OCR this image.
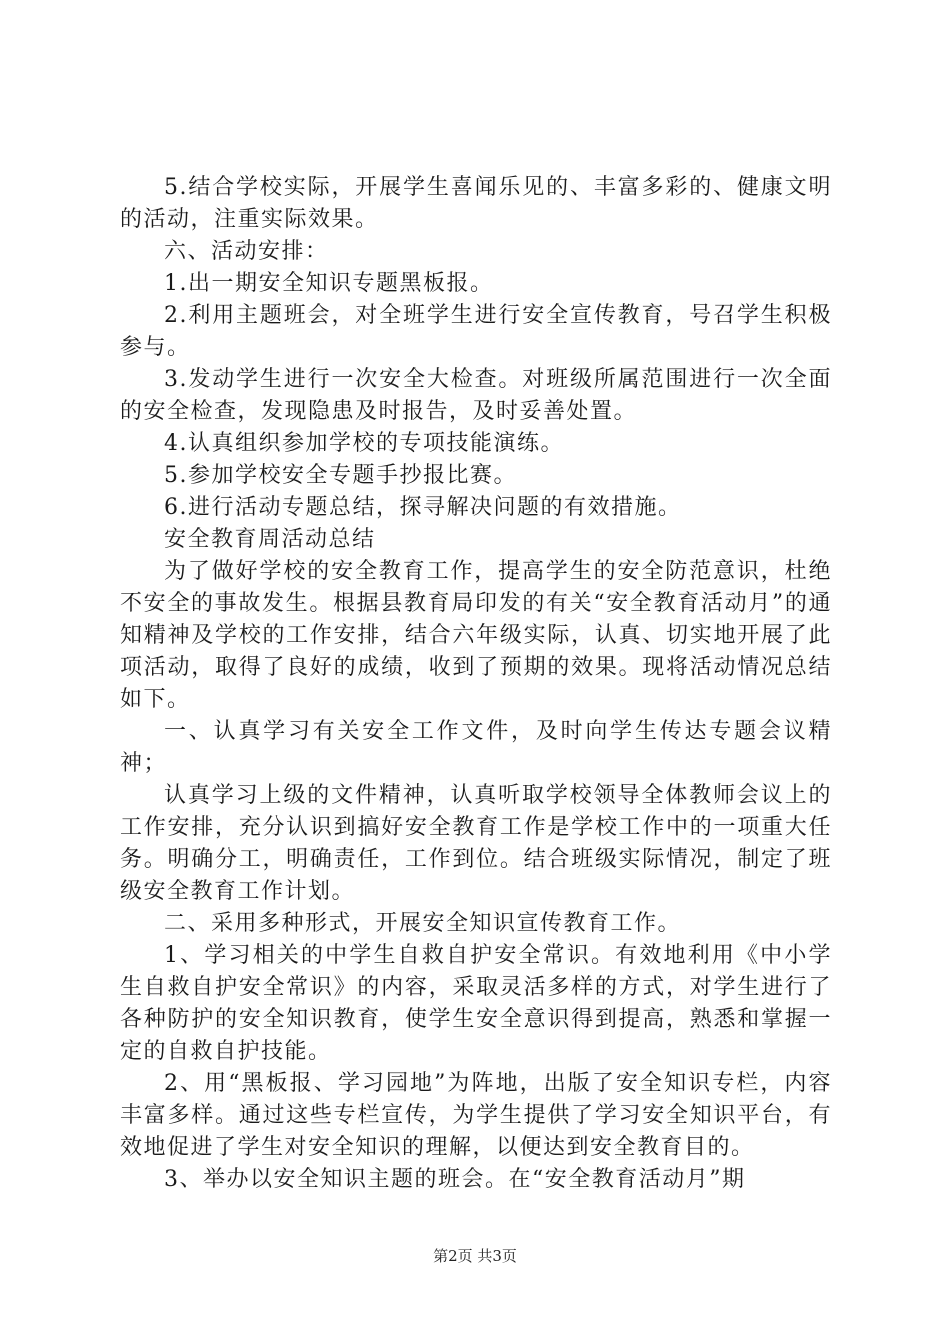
5.结合学校实际，开展学生喜闻乐见的、丰富多彩的、健康文明的活动，注重实际效果。

六、活动安排：

1.出一期安全知识专题黑板报。

2.利用主题班会，对全班学生进行安全宣传教育，号召学生积极参与。

3.发动学生进行一次安全大检查。对班级所属范围进行一次全面的安全检查，发现隐患及时报告，及时妥善处置。

4.认真组织参加学校的专项技能演练。

5.参加学校安全专题手抄报比赛。

6.进行活动专题总结，探寻解决问题的有效措施。

安全教育周活动总结

为了做好学校的安全教育工作，提高学生的安全防范意识，杜绝不安全的事故发生。根据县教育局印发的有关“安全教育活动月”的通知精神及学校的工作安排，结合六年级实际，认真、切实地开展了此项活动，取得了良好的成绩，收到了预期的效果。现将活动情况总结如下。

一、认真学习有关安全工作文件，及时向学生传达专题会议精神；

认真学习上级的文件精神，认真听取学校领导全体教师会议上的工作安排，充分认识到搞好安全教育工作是学校工作中的一项重大任务。明确分工，明确责任，工作到位。结合班级实际情况，制定了班级安全教育工作计划。

二、采用多种形式，开展安全知识宣传教育工作。

1、学习相关的中学生自救自护安全常识。有效地利用《中小学生自救自护安全常识》的内容，采取灵活多样的方式，对学生进行了各种防护的安全知识教育，使学生安全意识得到提高，熟悉和掌握一定的自救自护技能。

2、用“黑板报、学习园地”为阵地，出版了安全知识专栏，内容丰富多样。通过这些专栏宣传，为学生提供了学习安全知识平台，有效地促进了学生对安全知识的理解，以便达到安全教育目的。

3、举办以安全知识主题的班会。在“安全教育活动月”期

第2页 共3页
